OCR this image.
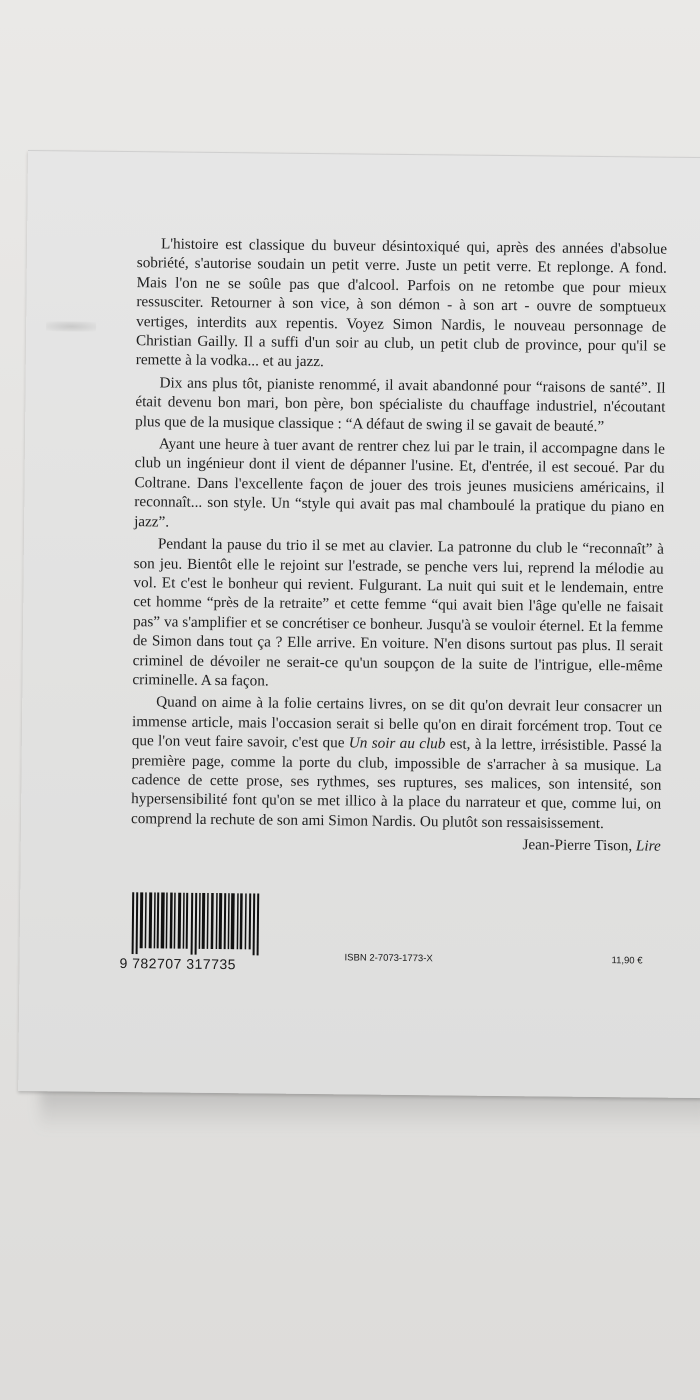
L'histoire est classique du buveur désintoxiqué qui, après des années d'absolue sobriété, s'autorise soudain un petit verre. Juste un petit verre. Et replonge. A fond. Mais l'on ne se soûle pas que d'alcool. Parfois on ne retombe que pour mieux ressusciter. Retourner à son vice, à son démon - à son art - ouvre de somptueux vertiges, interdits aux repentis. Voyez Simon Nardis, le nouveau personnage de Christian Gailly. Il a suffi d'un soir au club, un petit club de province, pour qu'il se remette à la vodka... et au jazz.

Dix ans plus tôt, pianiste renommé, il avait abandonné pour “raisons de santé”. Il était devenu bon mari, bon père, bon spécialiste du chauffage industriel, n'écoutant plus que de la musique classique : “A défaut de swing il se gavait de beauté.”

Ayant une heure à tuer avant de rentrer chez lui par le train, il accompagne dans le club un ingénieur dont il vient de dépanner l'usine. Et, d'entrée, il est secoué. Par du Coltrane. Dans l'excellente façon de jouer des trois jeunes musiciens américains, il reconnaît... son style. Un “style qui avait pas mal chamboulé la pratique du piano en jazz”.

Pendant la pause du trio il se met au clavier. La patronne du club le “reconnaît” à son jeu. Bientôt elle le rejoint sur l'estrade, se penche vers lui, reprend la mélodie au vol. Et c'est le bonheur qui revient. Fulgurant. La nuit qui suit et le lendemain, entre cet homme “près de la retraite” et cette femme “qui avait bien l'âge qu'elle ne faisait pas” va s'amplifier et se concrétiser ce bonheur. Jusqu'à se vouloir éternel. Et la femme de Simon dans tout ça ? Elle arrive. En voiture. N'en disons surtout pas plus. Il serait criminel de dévoiler ne serait-ce qu'un soupçon de la suite de l'intrigue, elle-même criminelle. A sa façon.

Quand on aime à la folie certains livres, on se dit qu'on devrait leur consacrer un immense article, mais l'occasion serait si belle qu'on en dirait forcément trop. Tout ce que l'on veut faire savoir, c'est que Un soir au club est, à la lettre, irrésistible. Passé la première page, comme la porte du club, impossible de s'arracher à sa musique. La cadence de cette prose, ses rythmes, ses ruptures, ses malices, son intensité, son hypersensibilité font qu'on se met illico à la place du narrateur et que, comme lui, on comprend la rechute de son ami Simon Nardis. Ou plutôt son ressaisissement.

Jean-Pierre Tison, Lire

9 782707 317735	ISBN 2-7073-1773-X	11,90 €
